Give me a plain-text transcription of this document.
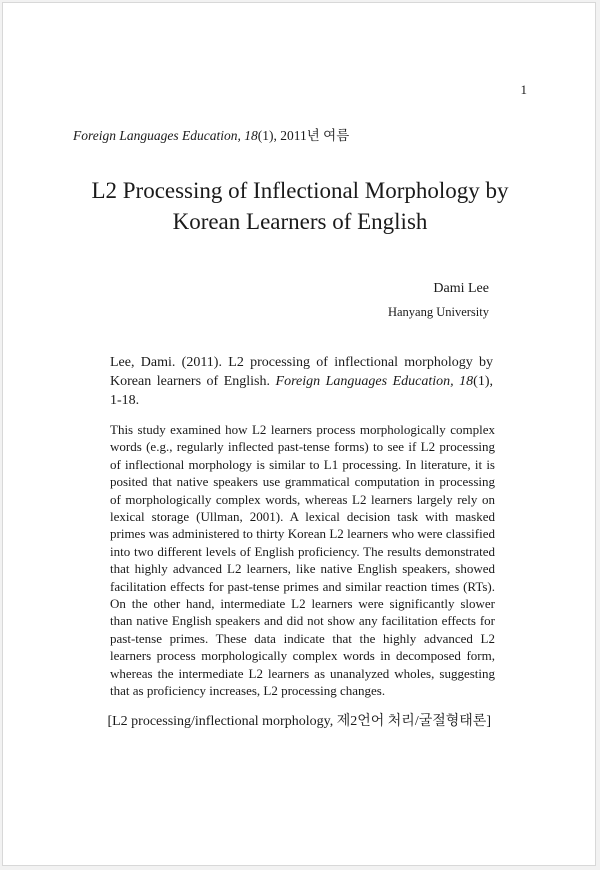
1
Foreign Languages Education, 18(1), 2011년 여름
L2 Processing of Inflectional Morphology by
Korean Learners of English
Dami Lee
Hanyang University
Lee, Dami. (2011). L2 processing of inflectional morphology by Korean learners of English. Foreign Languages Education, 18(1), 1-18.
This study examined how L2 learners process morphologically complex words (e.g., regularly inflected past-tense forms) to see if L2 processing of inflectional morphology is similar to L1 processing. In literature, it is posited that native speakers use grammatical computation in processing of morphologically complex words, whereas L2 learners largely rely on lexical storage (Ullman, 2001). A lexical decision task with masked primes was administered to thirty Korean L2 learners who were classified into two different levels of English proficiency. The results demonstrated that highly advanced L2 learners, like native English speakers, showed facilitation effects for past-tense primes and similar reaction times (RTs). On the other hand, intermediate L2 learners were significantly slower than native English speakers and did not show any facilitation effects for past-tense primes. These data indicate that the highly advanced L2 learners process morphologically complex words in decomposed form, whereas the intermediate L2 learners as unanalyzed wholes, suggesting that as proficiency increases, L2 processing changes.
[L2 processing/inflectional morphology, 제2언어 처리/굴절형태론]
